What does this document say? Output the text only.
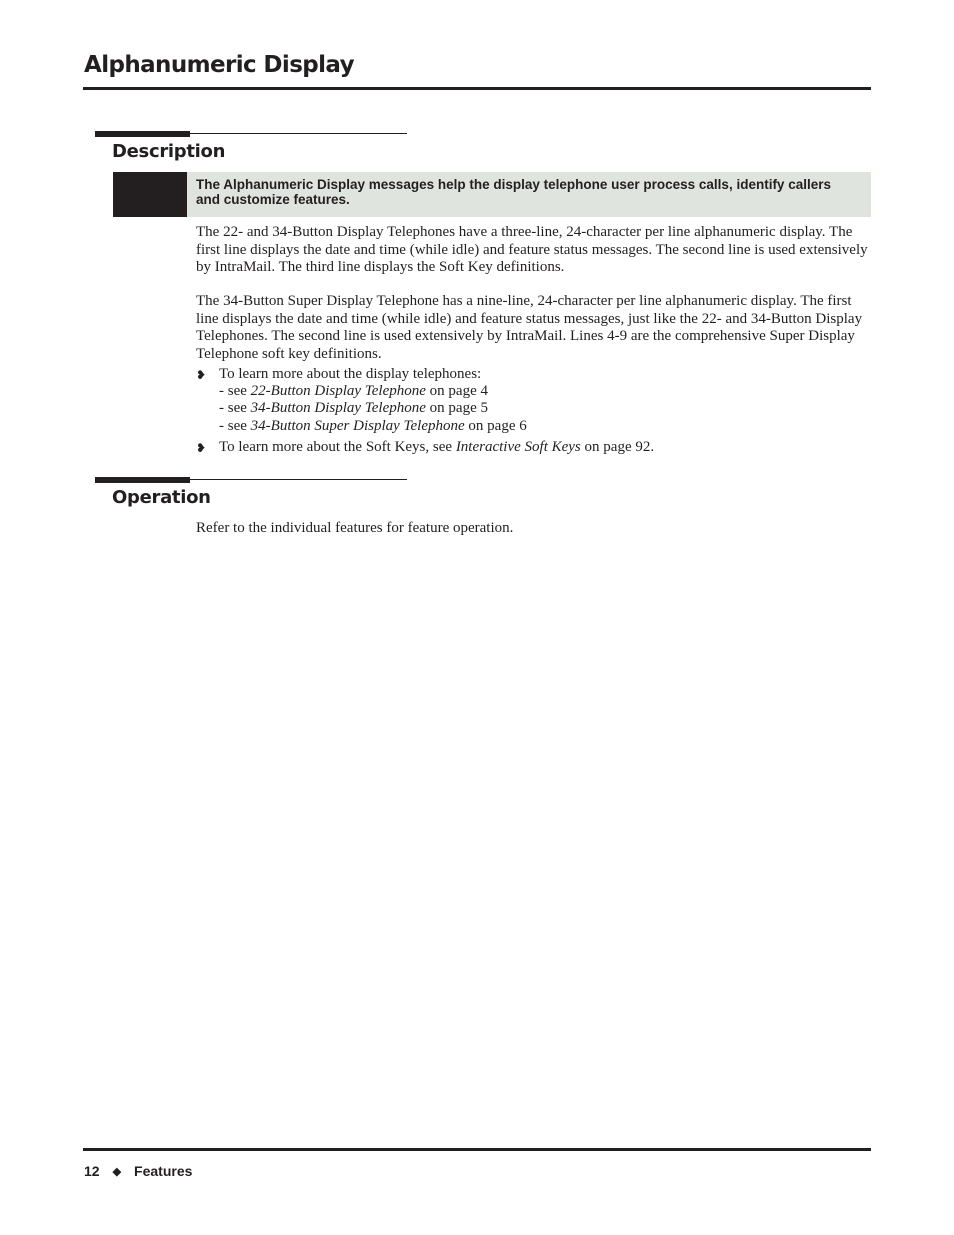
Alphanumeric Display
Description
The Alphanumeric Display messages help the display telephone user process calls, identify callers and customize features.
The 22- and 34-Button Display Telephones have a three-line, 24-character per line alphanumeric display. The first line displays the date and time (while idle) and feature status messages. The second line is used extensively by IntraMail. The third line displays the Soft Key definitions.
The 34-Button Super Display Telephone has a nine-line, 24-character per line alphanumeric display. The first line displays the date and time (while idle) and feature status messages, just like the 22- and 34-Button Display Telephones. The second line is used extensively by IntraMail. Lines 4-9 are the comprehensive Super Display Telephone soft key definitions.
❥ To learn more about the display telephones:
- see 22-Button Display Telephone on page 4
- see 34-Button Display Telephone on page 5
- see 34-Button Super Display Telephone on page 6
❥ To learn more about the Soft Keys, see Interactive Soft Keys on page 92.
Operation
Refer to the individual features for feature operation.
12 ◆ Features
